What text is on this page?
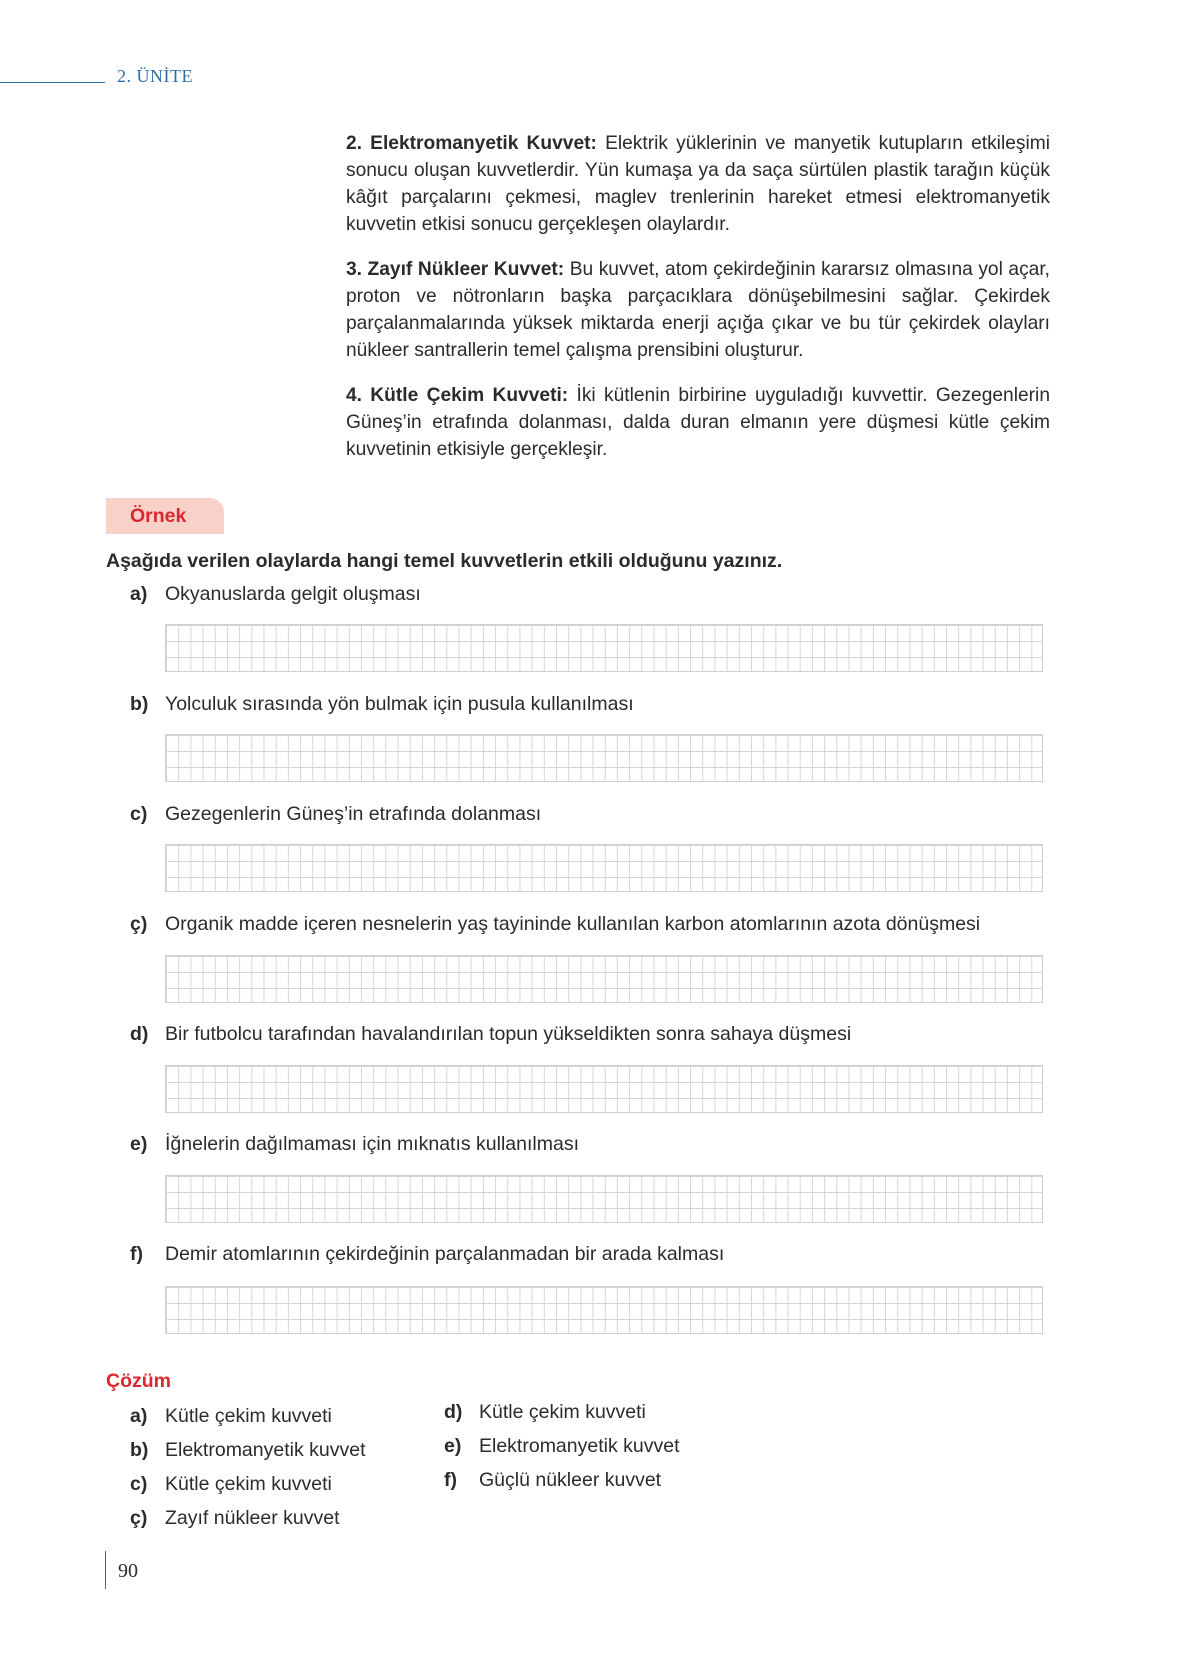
2. ÜNİTE
2. Elektromanyetik Kuvvet: Elektrik yüklerinin ve manyetik kutupların etkileşimi sonucu oluşan kuvvetlerdir. Yün kumaşa ya da saça sürtülen plastik tarağın küçük kâğıt parçalarını çekmesi, maglev trenlerinin hareket etmesi elektromanyetik kuvvetin etkisi sonucu gerçekleşen olaylardır.
3. Zayıf Nükleer Kuvvet: Bu kuvvet, atom çekirdeğinin kararsız olmasına yol açar, proton ve nötronların başka parçacıklara dönüşebilmesini sağlar. Çekirdek parçalanmalarında yüksek miktarda enerji açığa çıkar ve bu tür çekirdek olayları nükleer santrallerin temel çalışma prensibini oluşturur.
4. Kütle Çekim Kuvveti: İki kütlenin birbirine uyguladığı kuvvettir. Gezegenlerin Güneş’in etrafında dolanması, dalda duran elmanın yere düşmesi kütle çekim kuvvetinin etkisiyle gerçekleşir.
Örnek
Aşağıda verilen olaylarda hangi temel kuvvetlerin etkili olduğunu yazınız.
a) Okyanuslarda gelgit oluşması
b) Yolculuk sırasında yön bulmak için pusula kullanılması
c) Gezegenlerin Güneş’in etrafında dolanması
ç) Organik madde içeren nesnelerin yaş tayininde kullanılan karbon atomlarının azota dönüşmesi
d) Bir futbolcu tarafından havalandırılan topun yükseldikten sonra sahaya düşmesi
e) İğnelerin dağılmaması için mıknatıs kullanılması
f) Demir atomlarının çekirdeğinin parçalanmadan bir arada kalması
Çözüm
a) Kütle çekim kuvveti
b) Elektromanyetik kuvvet
c) Kütle çekim kuvveti
ç) Zayıf nükleer kuvvet
d) Kütle çekim kuvveti
e) Elektromanyetik kuvvet
f) Güçlü nükleer kuvvet
90
